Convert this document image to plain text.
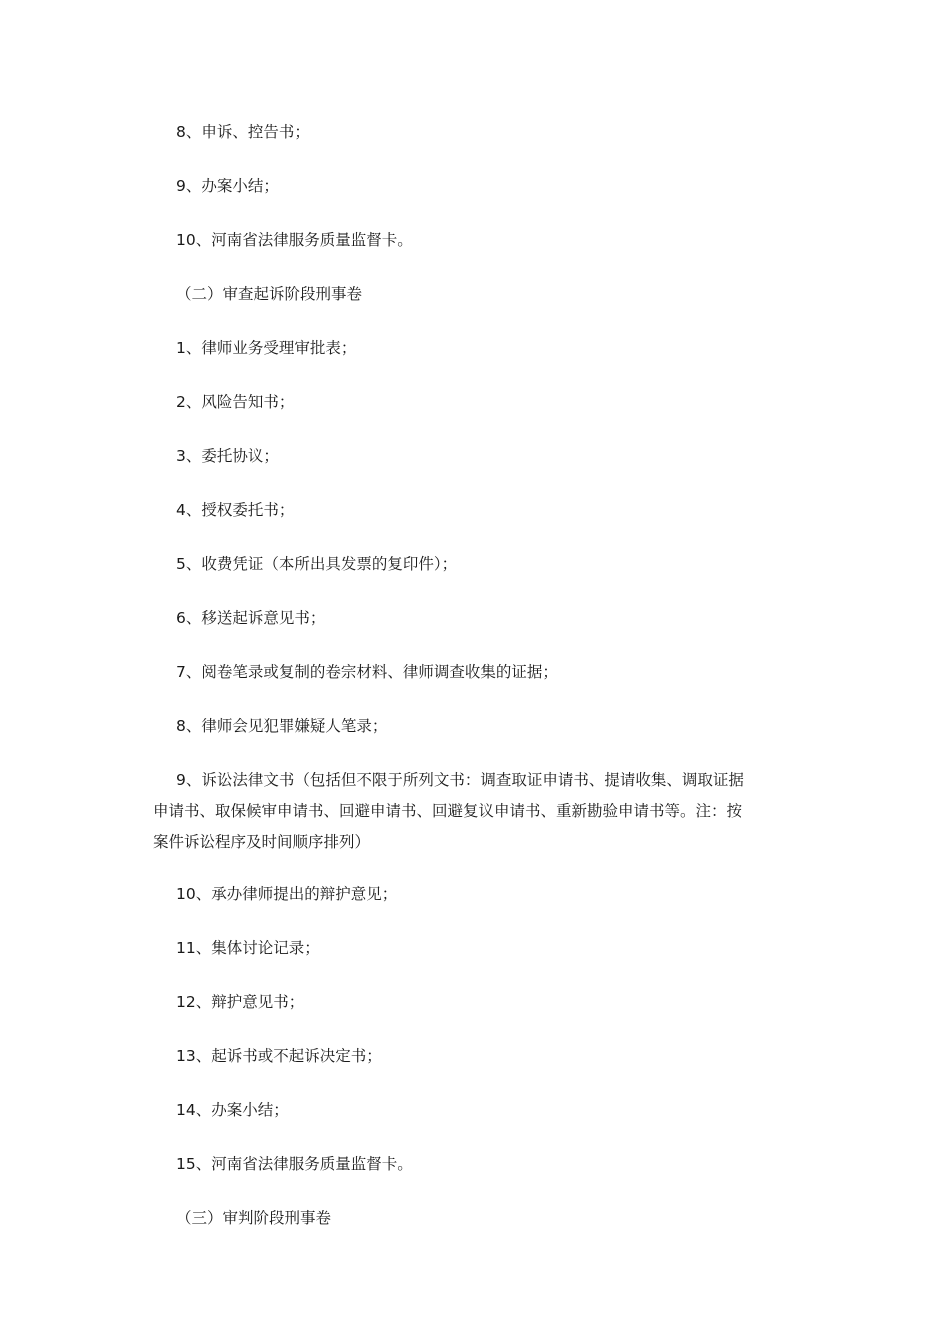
8、申诉、控告书；
9、办案小结；
10、河南省法律服务质量监督卡。
（二）审查起诉阶段刑事卷
1、律师业务受理审批表；
2、风险告知书；
3、委托协议；
4、授权委托书；
5、收费凭证（本所出具发票的复印件）；
6、移送起诉意见书；
7、阅卷笔录或复制的卷宗材料、律师调查收集的证据；
8、律师会见犯罪嫌疑人笔录；
9、诉讼法律文书（包括但不限于所列文书：调查取证申请书、提请收集、调取证据
申请书、取保候审申请书、回避申请书、回避复议申请书、重新勘验申请书等。注：按
案件诉讼程序及时间顺序排列）
10、承办律师提出的辩护意见；
11、集体讨论记录；
12、辩护意见书；
13、起诉书或不起诉决定书；
14、办案小结；
15、河南省法律服务质量监督卡。
（三）审判阶段刑事卷
